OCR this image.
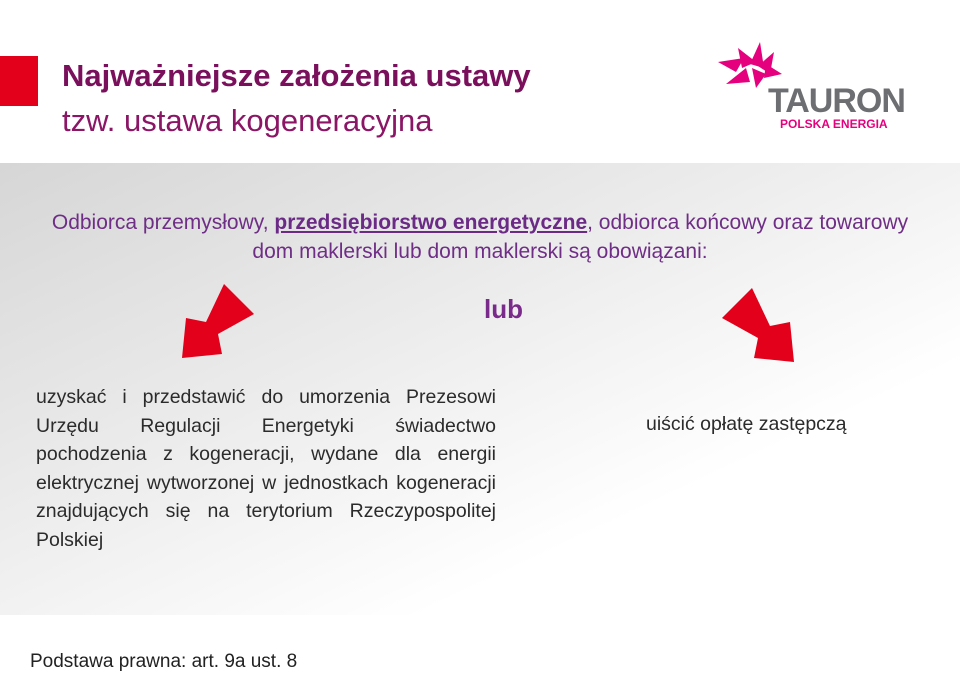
Najważniejsze założenia ustawy
tzw. ustawa kogeneracyjna
TAURON
POLSKA ENERGIA
Odbiorca przemysłowy, przedsiębiorstwo energetyczne, odbiorca końcowy oraz towarowy dom maklerski lub dom maklerski są obowiązani:
lub
uzyskać i przedstawić do umorzenia Prezesowi Urzędu Regulacji Energetyki świadectwo pochodzenia z kogeneracji, wydane dla energii elektrycznej wytworzonej w jednostkach kogeneracji znajdujących się na terytorium Rzeczypospolitej Polskiej
uiścić opłatę zastępczą
Podstawa prawna: art. 9a ust. 8
